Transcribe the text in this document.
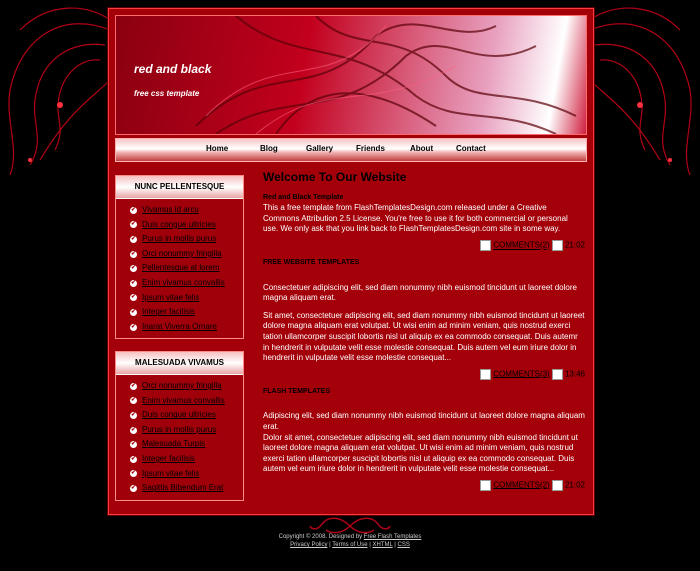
red and black

free css template

Home	Blog	Gallery	Friends	About	Contact
NUNC PELLENTESQUE
✔ Vivamus id arcu
✔ Duis congue ultricies
✔ Purus in mollis purus
✔ Orci nonummy fringilla
✔ Pellentesque at lorem
✔ Enim vivamus convallis
✔ Ipsum vitae felis
✔ Integer facilisis
✔ Inarat Viverra Ornare
MALESUADA VIVAMUS
✔ Orci nonummy fringilla
✔ Enim vivamus convallis
✔ Duis congue ultricies
✔ Purus in mollis purus
✔ Malesuada Turpis
✔ Integer facilisis
✔ Ipsum vitae felis
✔ Sagittis Bibendum Erat
Welcome To Our Website
Red and Black Template

This a free template from FlashTemplatesDesign.com released under a Creative Commons Attribution 2.5 License. You're free to use it for both commercial or personal use. We only ask that you link back to FlashTemplatesDesign.com site in some way.

COMMENTS(2) 21:02
FREE WEBSITE TEMPLATES

Consectetuer adipiscing elit, sed diam nonummy nibh euismod tincidunt ut laoreet dolore magna aliquam erat.

Sit amet, consectetuer adipiscing elit, sed diam nonummy nibh euismod tincidunt ut laoreet dolore magna aliquam erat volutpat. Ut wisi enim ad minim veniam, quis nostrud exerci tation ullamcorper suscipit lobortis nisl ut aliquip ex ea commodo consequat. Duis autemr in hendrerit in vulputate velit esse molestie consequat. Duis autem vel eum iriure dolor in hendrerit in vulputate velit esse molestie consequat...

COMMENTS(3) 13:46
FLASH TEMPLATES

Adipiscing elit, sed diam nonummy nibh euismod tincidunt ut laoreet dolore magna aliquam erat.
Dolor sit amet, consectetuer adipiscing elit, sed diam nonummy nibh euismod tincidunt ut laoreet dolore magna aliquam erat volutpat. Ut wisi enim ad minim veniam, quis nostrud exerci tation ullamcorper suscipit lobortis nisl ut aliquip ex ea commodo consequat. Duis autem vel eum iriure dolor in hendrerit in vulputate velit esse molestie consequat...

COMMENTS(2) 21:02
Copyright © 2008. Designed by Free Flash Templates
Privacy Policy | Terms of Use | XHTML | CSS
